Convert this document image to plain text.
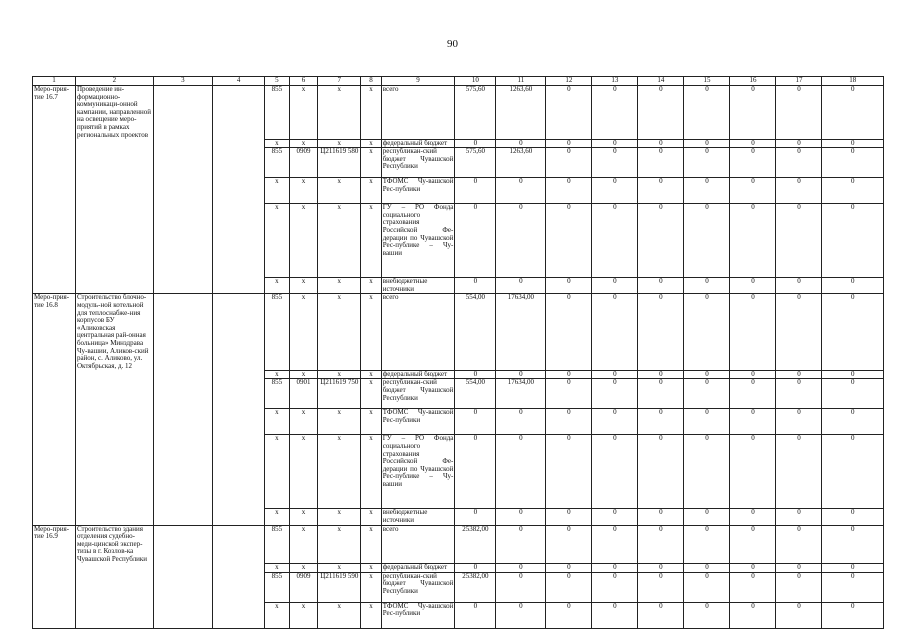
90
1	2	3	4	5	6	7	8	9	10	11	12	13	14	15	16	17	18
Меро-прия-тие 16.7	Проведение ин-формационно-коммуникаци-онной кампании, направленной на освещение меро-приятий в рамках региональных проектов			855	x	x	x	всего	575,60	1263,60	0	0	0	0	0	0	0
				x	x	x	x	федеральный бюджет	0	0	0	0	0	0	0	0	0
				855	0909	Ц211619 580	x	республикан-ский бюджет Чувашской Республики	575,60	1263,60	0	0	0	0	0	0	0
				x	x	x	x	ТФОМС Чу-вашской Рес-публики	0	0	0	0	0	0	0	0	0
				x	x	x	x	ГУ – РО Фонда социального страхования Российской Фе-дерации по Чувашской Рес-публике – Чу-вашии	0	0	0	0	0	0	0	0	0
				x	x	x	x	внебюджетные источники	0	0	0	0	0	0	0	0	0
Меро-прия-тие 16.8	Строительство блочно-модуль-ной котельной для теплоснабже-ния корпусов БУ «Аликовская центральная рай-онная больница» Минздрава Чу-вашии, Аликов-ский район, с. Аликово, ул. Октябрьская, д. 12			855	x	x	x	всего	554,00	17634,00	0	0	0	0	0	0	0
				x	x	x	x	федеральный бюджет	0	0	0	0	0	0	0	0	0
				855	0901	Ц211619 750	x	республикан-ский бюджет Чувашской Республики	554,00	17634,00	0	0	0	0	0	0	0
				x	x	x	x	ТФОМС Чу-вашской Рес-публики	0	0	0	0	0	0	0	0	0
				x	x	x	x	ГУ – РО Фонда социального страхования Российской Фе-дерации по Чувашской Рес-публике – Чу-вашии	0	0	0	0	0	0	0	0	0
				x	x	x	x	внебюджетные источники	0	0	0	0	0	0	0	0	0
Меро-прия-тие 16.9	Строительство здания отделения судебно-меди-цинской экспер-тизы в г. Козлов-ка Чувашской Республики			855	x	x	x	всего	25382,00	0	0	0	0	0	0	0	0
				x	x	x	x	федеральный бюджет	0	0	0	0	0	0	0	0	0
				855	0909	Ц211619 590	x	республикан-ский бюджет Чувашской Республики	25382,00	0	0	0	0	0	0	0	0
				x	x	x	x	ТФОМС Чу-вашской Рес-публики	0	0	0	0	0	0	0	0	0
